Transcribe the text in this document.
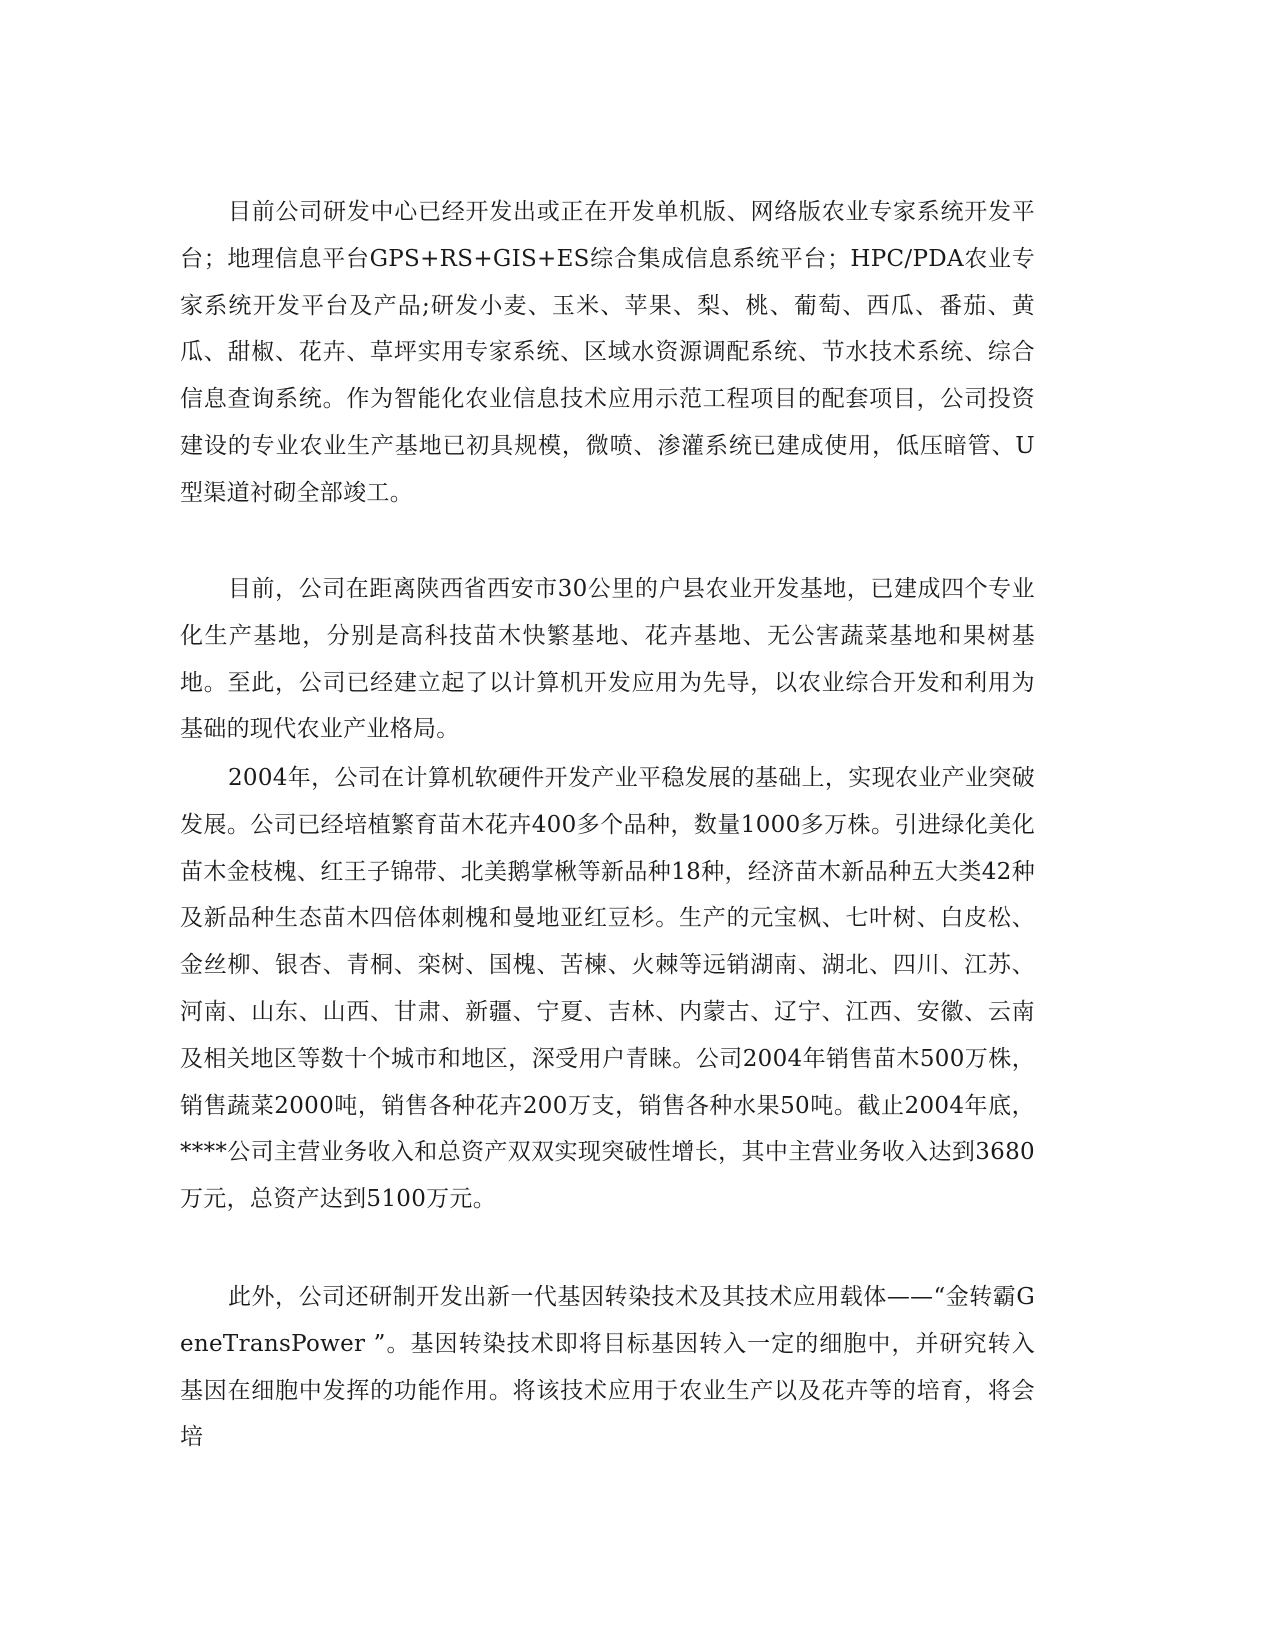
目前公司研发中心已经开发出或正在开发单机版、网络版农业专家系统开发平台；地理信息平台GPS+RS+GIS+ES综合集成信息系统平台；HPC/PDA农业专家系统开发平台及产品;研发小麦、玉米、苹果、梨、桃、葡萄、西瓜、番茄、黄瓜、甜椒、花卉、草坪实用专家系统、区域水资源调配系统、节水技术系统、综合信息查询系统。作为智能化农业信息技术应用示范工程项目的配套项目，公司投资建设的专业农业生产基地已初具规模，微喷、渗灌系统已建成使用，低压暗管、U型渠道衬砌全部竣工。

目前，公司在距离陕西省西安市30公里的户县农业开发基地，已建成四个专业化生产基地，分别是高科技苗木快繁基地、花卉基地、无公害蔬菜基地和果树基地。至此，公司已经建立起了以计算机开发应用为先导，以农业综合开发和利用为基础的现代农业产业格局。

2004年，公司在计算机软硬件开发产业平稳发展的基础上，实现农业产业突破发展。公司已经培植繁育苗木花卉400多个品种，数量1000多万株。引进绿化美化苗木金枝槐、红王子锦带、北美鹅掌楸等新品种18种，经济苗木新品种五大类42种及新品种生态苗木四倍体刺槐和曼地亚红豆杉。生产的元宝枫、七叶树、白皮松、金丝柳、银杏、青桐、栾树、国槐、苦楝、火棘等远销湖南、湖北、四川、江苏、河南、山东、山西、甘肃、新疆、宁夏、吉林、内蒙古、辽宁、江西、安徽、云南及相关地区等数十个城市和地区，深受用户青睐。公司2004年销售苗木500万株，销售蔬菜2000吨，销售各种花卉200万支，销售各种水果50吨。截止2004年底，****公司主营业务收入和总资产双双实现突破性增长，其中主营业务收入达到3680万元，总资产达到5100万元。

此外，公司还研制开发出新一代基因转染技术及其技术应用载体——“金转霸GeneTransPower ”。基因转染技术即将目标基因转入一定的细胞中，并研究转入基因在细胞中发挥的功能作用。将该技术应用于农业生产以及花卉等的培育，将会培
